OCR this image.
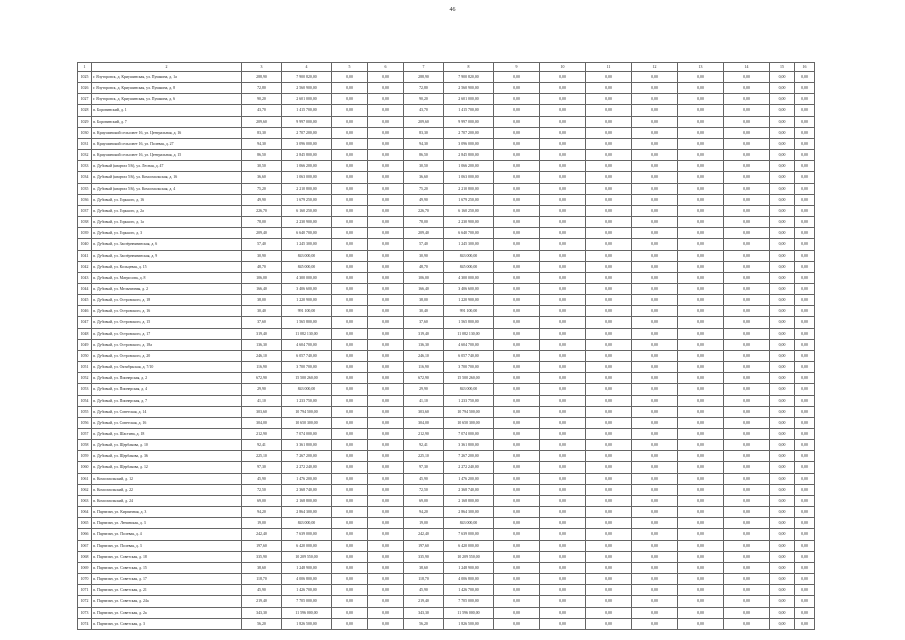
46
1	2	3	4	5	6	7	8	9	10	11	12	13	14	15	16
1025	г. Ялуторовск, д. Криушинская, ул. Пушкина, д. 1а	288,90	7 900 820,00	0,00	0,00	288,90	7 900 820,00	0,00	0,00	0,00	0,00	0,00	0,00	0,00	0,00
1026	г. Ялуторовск, д. Криушинская, ул. Пушкина, д. 8	72,80	2 560 900,00	0,00	0,00	72,80	2 560 900,00	0,00	0,00	0,00	0,00	0,00	0,00	0,00	0,00
1027	г. Ялуторовск, д. Криушинская, ул. Пушкина, д. 6	90,20	2 601 000,00	0,00	0,00	90,20	2 601 000,00	0,00	0,00	0,00	0,00	0,00	0,00	0,00	0,00
1028	п. Боровинский, д. 1	43,70	1 415 700,00	0,00	0,00	43,70	1 415 700,00	0,00	0,00	0,00	0,00	0,00	0,00	0,00	0,00
1029	п. Боровинский, д. 7	209,60	9 997 000,00	0,00	0,00	209,60	9 997 000,00	0,00	0,00	0,00	0,00	0,00	0,00	0,00	0,00
1030	п. Криушинский сельсовет 16, ул. Центральная, д. 16	83,30	2 707 200,00	0,00	0,00	83,30	2 707 200,00	0,00	0,00	0,00	0,00	0,00	0,00	0,00	0,00
1031	п. Криушинский сельсовет 16, ул. Полевая, д. 27	94,30	3 096 000,00	0,00	0,00	94,30	3 096 000,00	0,00	0,00	0,00	0,00	0,00	0,00	0,00	0,00
1032	п. Криушинский сельсовет 16, ул. Центральная, д. 15	86,50	2 845 800,00	0,00	0,00	86,50	2 845 800,00	0,00	0,00	0,00	0,00	0,00	0,00	0,00	0,00
1033	п. Дубовый (квартал 5/6), ул. Лесная, д. 47	30,50	1 066 200,00	0,00	0,00	30,50	1 066 200,00	0,00	0,00	0,00	0,00	0,00	0,00	0,00	0,00
1034	п. Дубовый (квартал 5/6), ул. Комсомольская, д. 16	36,60	1 063 000,00	0,00	0,00	36,60	1 063 000,00	0,00	0,00	0,00	0,00	0,00	0,00	0,00	0,00
1035	п. Дубовый (квартал 5/6), ул. Комсомольская, д. 4	75,20	2 210 800,00	0,00	0,00	75,20	2 210 800,00	0,00	0,00	0,00	0,00	0,00	0,00	0,00	0,00
1036	п. Дубовый, ул. Горького, д. 16	49,90	1 679 250,00	0,00	0,00	49,90	1 679 250,00	0,00	0,00	0,00	0,00	0,00	0,00	0,00	0,00
1037	п. Дубовый, ул. Горького, д. 2а	226,70	6 160 250,00	0,00	0,00	226,70	6 160 250,00	0,00	0,00	0,00	0,00	0,00	0,00	0,00	0,00
1038	п. Дубовый, ул. Горького, д. 1а	78,00	2 230 900,00	0,00	0,00	78,00	2 230 900,00	0,00	0,00	0,00	0,00	0,00	0,00	0,00	0,00
1039	п. Дубовый, ул. Горького, д. 3	209,40	6 640 700,00	0,00	0,00	209,40	6 640 700,00	0,00	0,00	0,00	0,00	0,00	0,00	0,00	0,00
1040	п. Дубовый, ул. Заозёрнеянинская, д. 6	57,40	1 245 300,00	0,00	0,00	57,40	1 245 300,00	0,00	0,00	0,00	0,00	0,00	0,00	0,00	0,00
1041	п. Дубовый, ул. Заозёрнеянинская, д. 9	30,90	843 000,00	0,00	0,00	30,90	843 000,00	0,00	0,00	0,00	0,00	0,00	0,00	0,00	0,00
1042	п. Дубовый, ул. Кольцевая, д. 15	48,70	845 000,00	0,00	0,00	48,70	845 000,00	0,00	0,00	0,00	0,00	0,00	0,00	0,00	0,00
1043	п. Дубовый, ул. Матросова, д. 8	106,00	4 300 000,00	0,00	0,00	106,00	4 300 000,00	0,00	0,00	0,00	0,00	0,00	0,00	0,00	0,00
1044	п. Дубовый, ул. Мельничная, д. 2	166,40	3 406 600,00	0,00	0,00	166,40	3 406 600,00	0,00	0,00	0,00	0,00	0,00	0,00	0,00	0,00
1045	п. Дубовый, ул. Островского, д. 18	38,00	1 220 900,00	0,00	0,00	38,00	1 220 900,00	0,00	0,00	0,00	0,00	0,00	0,00	0,00	0,00
1046	п. Дубовый, ул. Островского, д. 16	30,40	991 100,00	0,00	0,00	30,40	991 100,00	0,00	0,00	0,00	0,00	0,00	0,00	0,00	0,00
1047	п. Дубовый, ул. Островского, д. 15	37,60	1 565 800,00	0,00	0,00	37,60	1 565 800,00	0,00	0,00	0,00	0,00	0,00	0,00	0,00	0,00
1048	п. Дубовый, ул. Островского, д. 17	319,40	11 082 130,00	0,00	0,00	319,40	11 082 130,00	0,00	0,00	0,00	0,00	0,00	0,00	0,00	0,00
1049	п. Дубовый, ул. Островского, д. 18а	136,30	4 604 700,00	0,00	0,00	136,30	4 604 700,00	0,00	0,00	0,00	0,00	0,00	0,00	0,00	0,00
1050	п. Дубовый, ул. Островского, д. 20	246,10	6 057 740,00	0,00	0,00	246,10	6 057 740,00	0,00	0,00	0,00	0,00	0,00	0,00	0,00	0,00
1051	п. Дубовый, ул. Октябрьская, д. 7/10	116,90	3 700 700,00	0,00	0,00	116,90	3 700 700,00	0,00	0,00	0,00	0,00	0,00	0,00	0,00	0,00
1052	п. Дубовый, ул. Пионерская, д. 2	672,90	15 500 260,00	0,00	0,00	672,90	15 500 260,00	0,00	0,00	0,00	0,00	0,00	0,00	0,00	0,00
1053	п. Дубовый, ул. Пионерская, д. 4	29,90	843 000,00	0,00	0,00	29,90	843 000,00	0,00	0,00	0,00	0,00	0,00	0,00	0,00	0,00
1054	п. Дубовый, ул. Пионерская, д. 7	41,10	1 233 750,00	0,00	0,00	41,10	1 233 750,00	0,00	0,00	0,00	0,00	0,00	0,00	0,00	0,00
1055	п. Дубовый, ул. Советская, д. 14	303,60	10 794 500,00	0,00	0,00	303,60	10 794 500,00	0,00	0,00	0,00	0,00	0,00	0,00	0,00	0,00
1056	п. Дубовый, ул. Советская, д. 16	304,00	10 650 300,00	0,00	0,00	304,00	10 650 300,00	0,00	0,00	0,00	0,00	0,00	0,00	0,00	0,00
1057	п. Дубовый, ул. Шастина, д. 18	212,90	7 074 000,00	0,00	0,00	212,90	7 074 000,00	0,00	0,00	0,00	0,00	0,00	0,00	0,00	0,00
1058	п. Дубовый, ул. Щербакова, д. 10	92,41	3 361 800,00	0,00	0,00	92,41	3 361 800,00	0,00	0,00	0,00	0,00	0,00	0,00	0,00	0,00
1059	п. Дубовый, ул. Щербакова, д. 36	225,10	7 267 200,00	0,00	0,00	225,10	7 267 200,00	0,00	0,00	0,00	0,00	0,00	0,00	0,00	0,00
1060	п. Дубовый, ул. Щербакова, д. 12	97,30	2 272 240,00	0,00	0,00	97,30	2 272 240,00	0,00	0,00	0,00	0,00	0,00	0,00	0,00	0,00
1061	п. Комсомольский, д. 12	45,90	1 476 200,00	0,00	0,00	45,90	1 476 200,00	0,00	0,00	0,00	0,00	0,00	0,00	0,00	0,00
1062	п. Комсомольский, д. 22	72,50	2 368 740,00	0,00	0,00	72,50	2 368 740,00	0,00	0,00	0,00	0,00	0,00	0,00	0,00	0,00
1063	п. Комсомольский, д. 24	69,00	2 168 800,00	0,00	0,00	69,00	2 168 800,00	0,00	0,00	0,00	0,00	0,00	0,00	0,00	0,00
1064	п. Партизан, ул. Кирпичная, д. 3	94,20	2 864 300,00	0,00	0,00	94,20	2 864 300,00	0,00	0,00	0,00	0,00	0,00	0,00	0,00	0,00
1065	п. Партизан, ул. Ленинская, д. 3	19,00	843 000,00	0,00	0,00	19,00	843 000,00	0,00	0,00	0,00	0,00	0,00	0,00	0,00	0,00
1066	п. Партизан, ул. Полевая, д. 4	242,40	7 639 000,00	0,00	0,00	242,40	7 639 000,00	0,00	0,00	0,00	0,00	0,00	0,00	0,00	0,00
1067	п. Партизан, ул. Полевая, д. 3	197,60	6 420 000,00	0,00	0,00	197,60	6 420 000,00	0,00	0,00	0,00	0,00	0,00	0,00	0,00	0,00
1068	п. Партизан, ул. Советская, д. 18	335,90	10 209 550,00	0,00	0,00	335,90	10 209 550,00	0,00	0,00	0,00	0,00	0,00	0,00	0,00	0,00
1069	п. Партизан, ул. Советская, д. 15	38,60	1 248 900,00	0,00	0,00	38,60	1 248 900,00	0,00	0,00	0,00	0,00	0,00	0,00	0,00	0,00
1070	п. Партизан, ул. Советская, д. 17	118,70	4 006 800,00	0,00	0,00	118,70	4 006 800,00	0,00	0,00	0,00	0,00	0,00	0,00	0,00	0,00
1071	п. Партизан, ул. Советская, д. 21	45,90	1 426 700,00	0,00	0,00	45,90	1 426 700,00	0,00	0,00	0,00	0,00	0,00	0,00	0,00	0,00
1072	п. Партизан, ул. Советская, д. 24а	219,40	7 705 000,00	0,00	0,00	219,40	7 705 000,00	0,00	0,00	0,00	0,00	0,00	0,00	0,00	0,00
1073	п. Партизан, ул. Советская, д. 2а	343,30	11 596 000,00	0,00	0,00	343,30	11 596 000,00	0,00	0,00	0,00	0,00	0,00	0,00	0,00	0,00
1074	п. Партизан, ул. Советская, д. 3	56,20	1 826 500,00	0,00	0,00	56,20	1 826 500,00	0,00	0,00	0,00	0,00	0,00	0,00	0,00	0,00
